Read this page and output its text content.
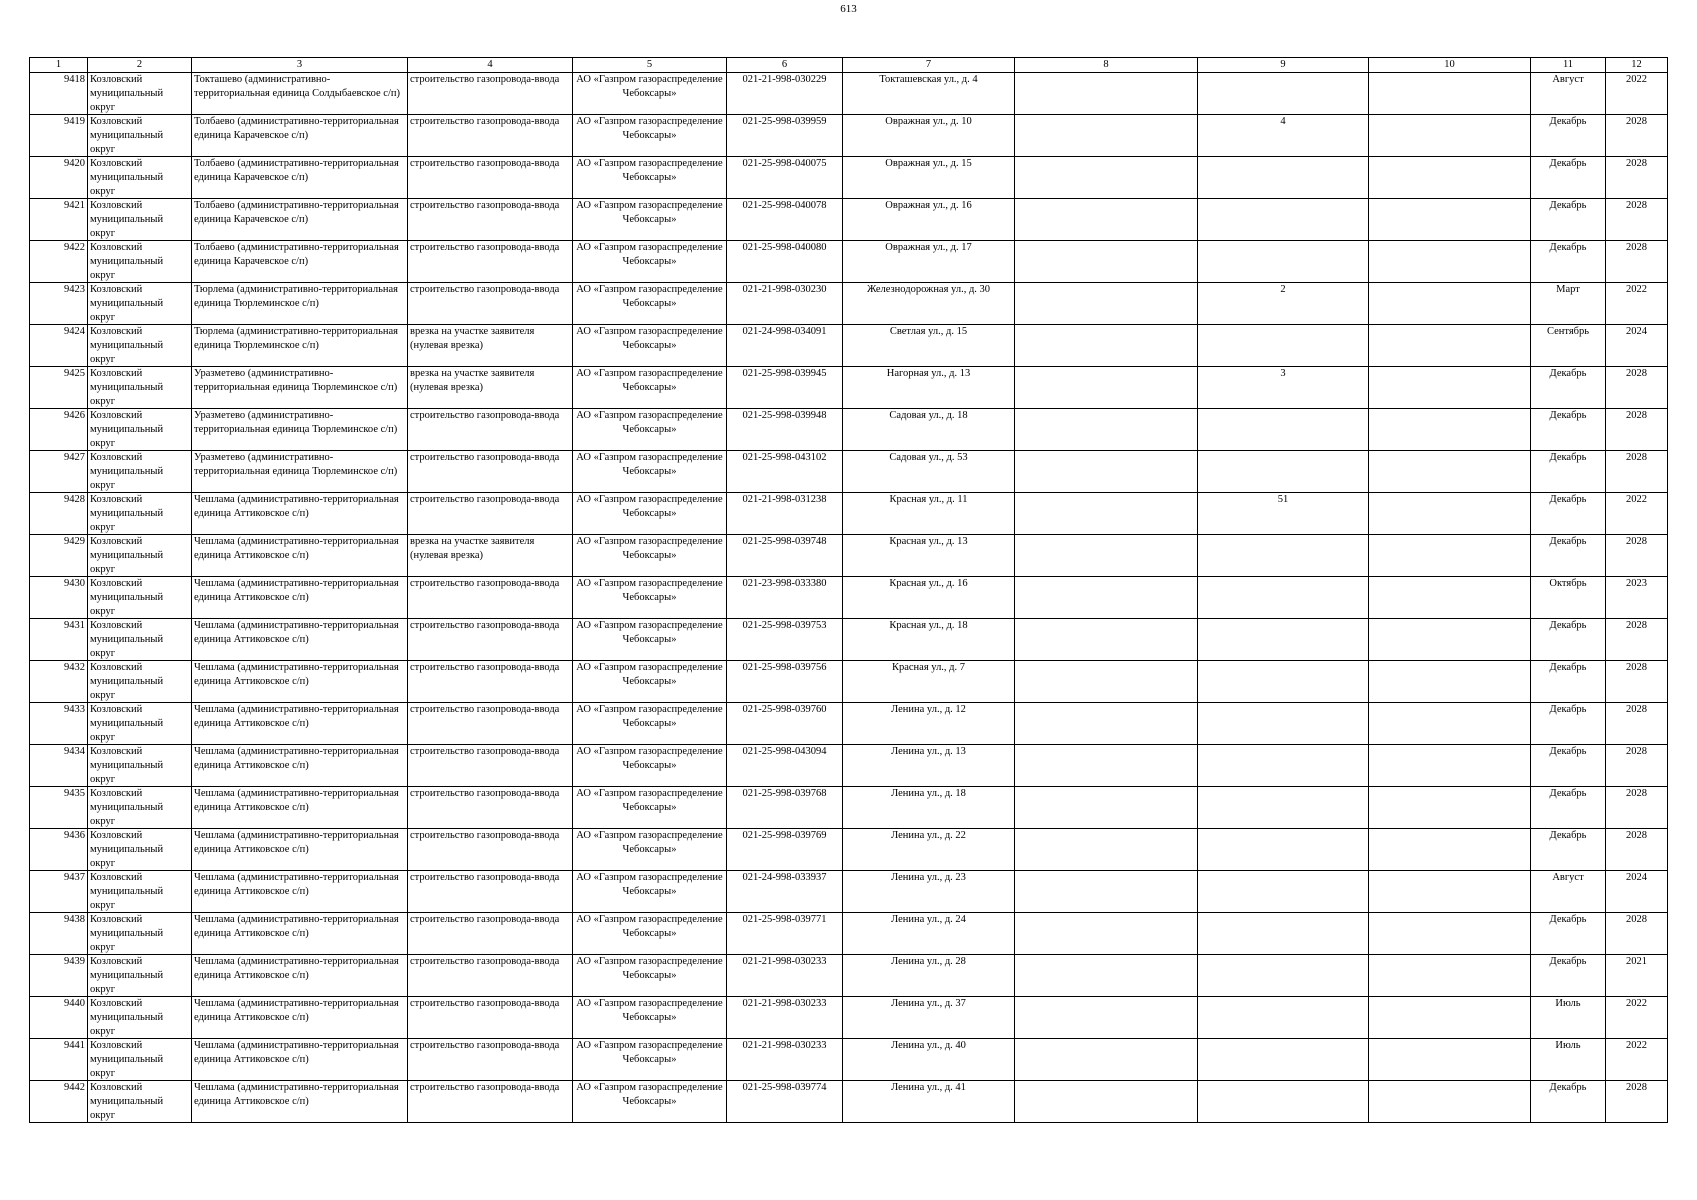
613
1	2	3	4	5	6	7	8	9	10	11	12

9418	Козловский муниципальный округ	Токташево (административно-территориальная единица Солдыбаевское с/п)	строительство газопровода-ввода	АО «Газпром газораспределение Чебоксары»	021-21-998-030229	Токташевская ул., д. 4				Август	2022

9419	Козловский муниципальный округ	Толбаево (административно-территориальная единица Карачевское с/п)	строительство газопровода-ввода	АО «Газпром газораспределение Чебоксары»	021-25-998-039959	Овражная ул., д. 10		4		Декабрь	2028

9420	Козловский муниципальный округ	Толбаево (административно-территориальная единица Карачевское с/п)	строительство газопровода-ввода	АО «Газпром газораспределение Чебоксары»	021-25-998-040075	Овражная ул., д. 15				Декабрь	2028

9421	Козловский муниципальный округ	Толбаево (административно-территориальная единица Карачевское с/п)	строительство газопровода-ввода	АО «Газпром газораспределение Чебоксары»	021-25-998-040078	Овражная ул., д. 16				Декабрь	2028

9422	Козловский муниципальный округ	Толбаево (административно-территориальная единица Карачевское с/п)	строительство газопровода-ввода	АО «Газпром газораспределение Чебоксары»	021-25-998-040080	Овражная ул., д. 17				Декабрь	2028

9423	Козловский муниципальный округ	Тюрлема (административно-территориальная единица Тюрлеминское с/п)	строительство газопровода-ввода	АО «Газпром газораспределение Чебоксары»	021-21-998-030230	Железнодорожная ул., д. 30		2		Март	2022

9424	Козловский муниципальный округ	Тюрлема (административно-территориальная единица Тюрлеминское с/п)	врезка на участке заявителя (нулевая врезка)	АО «Газпром газораспределение Чебоксары»	021-24-998-034091	Светлая ул., д. 15				Сентябрь	2024

9425	Козловский муниципальный округ	Уразметево (административно-территориальная единица Тюрлеминское с/п)	врезка на участке заявителя (нулевая врезка)	АО «Газпром газораспределение Чебоксары»	021-25-998-039945	Нагорная ул., д. 13		3		Декабрь	2028

9426	Козловский муниципальный округ	Уразметево (административно-территориальная единица Тюрлеминское с/п)	строительство газопровода-ввода	АО «Газпром газораспределение Чебоксары»	021-25-998-039948	Садовая ул., д. 18				Декабрь	2028

9427	Козловский муниципальный округ	Уразметево (административно-территориальная единица Тюрлеминское с/п)	строительство газопровода-ввода	АО «Газпром газораспределение Чебоксары»	021-25-998-043102	Садовая ул., д. 53				Декабрь	2028

9428	Козловский муниципальный округ	Чешлама (административно-территориальная единица Аттиковское с/п)	строительство газопровода-ввода	АО «Газпром газораспределение Чебоксары»	021-21-998-031238	Красная ул., д. 11		51		Декабрь	2022

9429	Козловский муниципальный округ	Чешлама (административно-территориальная единица Аттиковское с/п)	врезка на участке заявителя (нулевая врезка)	АО «Газпром газораспределение Чебоксары»	021-25-998-039748	Красная ул., д. 13				Декабрь	2028

9430	Козловский муниципальный округ	Чешлама (административно-территориальная единица Аттиковское с/п)	строительство газопровода-ввода	АО «Газпром газораспределение Чебоксары»	021-23-998-033380	Красная ул., д. 16				Октябрь	2023

9431	Козловский муниципальный округ	Чешлама (административно-территориальная единица Аттиковское с/п)	строительство газопровода-ввода	АО «Газпром газораспределение Чебоксары»	021-25-998-039753	Красная ул., д. 18				Декабрь	2028

9432	Козловский муниципальный округ	Чешлама (административно-территориальная единица Аттиковское с/п)	строительство газопровода-ввода	АО «Газпром газораспределение Чебоксары»	021-25-998-039756	Красная ул., д. 7				Декабрь	2028

9433	Козловский муниципальный округ	Чешлама (административно-территориальная единица Аттиковское с/п)	строительство газопровода-ввода	АО «Газпром газораспределение Чебоксары»	021-25-998-039760	Ленина ул., д. 12				Декабрь	2028

9434	Козловский муниципальный округ	Чешлама (административно-территориальная единица Аттиковское с/п)	строительство газопровода-ввода	АО «Газпром газораспределение Чебоксары»	021-25-998-043094	Ленина ул., д. 13				Декабрь	2028

9435	Козловский муниципальный округ	Чешлама (административно-территориальная единица Аттиковское с/п)	строительство газопровода-ввода	АО «Газпром газораспределение Чебоксары»	021-25-998-039768	Ленина ул., д. 18				Декабрь	2028

9436	Козловский муниципальный округ	Чешлама (административно-территориальная единица Аттиковское с/п)	строительство газопровода-ввода	АО «Газпром газораспределение Чебоксары»	021-25-998-039769	Ленина ул., д. 22				Декабрь	2028

9437	Козловский муниципальный округ	Чешлама (административно-территориальная единица Аттиковское с/п)	строительство газопровода-ввода	АО «Газпром газораспределение Чебоксары»	021-24-998-033937	Ленина ул., д. 23				Август	2024

9438	Козловский муниципальный округ	Чешлама (административно-территориальная единица Аттиковское с/п)	строительство газопровода-ввода	АО «Газпром газораспределение Чебоксары»	021-25-998-039771	Ленина ул., д. 24				Декабрь	2028

9439	Козловский муниципальный округ	Чешлама (административно-территориальная единица Аттиковское с/п)	строительство газопровода-ввода	АО «Газпром газораспределение Чебоксары»	021-21-998-030233	Ленина ул., д. 28				Декабрь	2021

9440	Козловский муниципальный округ	Чешлама (административно-территориальная единица Аттиковское с/п)	строительство газопровода-ввода	АО «Газпром газораспределение Чебоксары»	021-21-998-030233	Ленина ул., д. 37				Июль	2022

9441	Козловский муниципальный округ	Чешлама (административно-территориальная единица Аттиковское с/п)	строительство газопровода-ввода	АО «Газпром газораспределение Чебоксары»	021-21-998-030233	Ленина ул., д. 40				Июль	2022

9442	Козловский муниципальный округ	Чешлама (административно-территориальная единица Аттиковское с/п)	строительство газопровода-ввода	АО «Газпром газораспределение Чебоксары»	021-25-998-039774	Ленина ул., д. 41				Декабрь	2028
